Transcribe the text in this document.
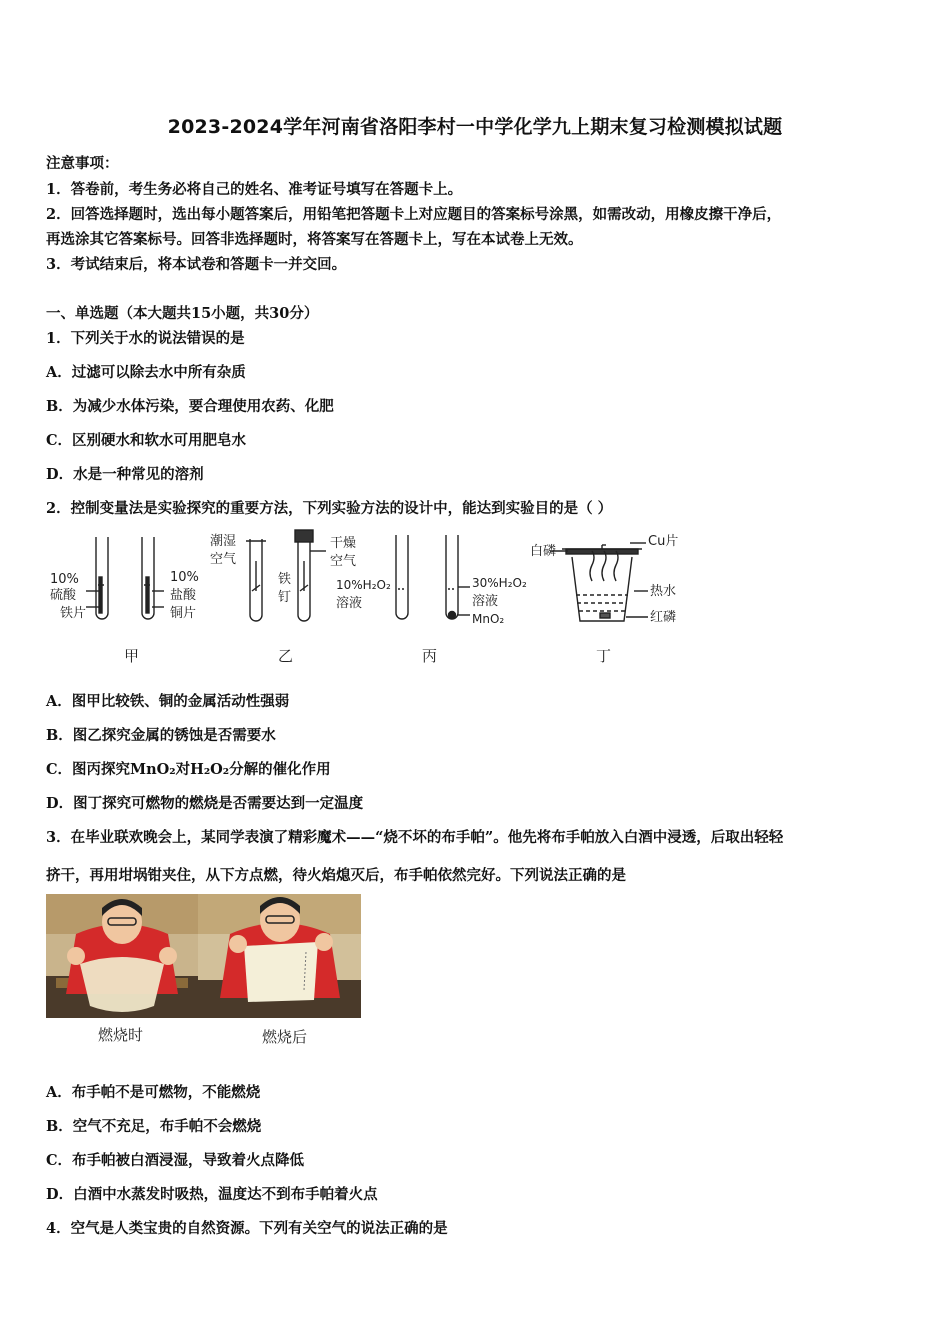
2023-2024学年河南省洛阳李村一中学化学九上期末复习检测模拟试题
注意事项：
1．答卷前，考生务必将自己的姓名、准考证号填写在答题卡上。
2．回答选择题时，选出每小题答案后，用铅笔把答题卡上对应题目的答案标号涂黑，如需改动，用橡皮擦干净后，
再选涂其它答案标号。回答非选择题时，将答案写在答题卡上，写在本试卷上无效。
3．考试结束后，将本试卷和答题卡一并交回。
一、单选题（本大题共15小题，共30分）
1．下列关于水的说法错误的是
A．过滤可以除去水中所有杂质
B．为减少水体污染，要合理使用农药、化肥
C．区别硬水和软水可用肥皂水
D．水是一种常见的溶剂
2．控制变量法是实验探究的重要方法，下列实验方法的设计中，能达到实验目的是（ ）
10%
硫酸
铁片
10%
盐酸
铜片
甲
潮湿
空气
铁
钉
干燥
空气
乙
10%H₂O₂
溶液
30%H₂O₂
溶液
MnO₂
丙
白磷
Cu片
热水
红磷
丁
A．图甲比较铁、铜的金属活动性强弱
B．图乙探究金属的锈蚀是否需要水
C．图丙探究MnO₂对H₂O₂分解的催化作用
D．图丁探究可燃物的燃烧是否需要达到一定温度
3．在毕业联欢晚会上，某同学表演了精彩魔术——“烧不坏的布手帕”。他先将布手帕放入白酒中浸透，后取出轻轻
挤干，再用坩埚钳夹住，从下方点燃，待火焰熄灭后，布手帕依然完好。下列说法正确的是
燃烧时	燃烧后
A．布手帕不是可燃物，不能燃烧
B．空气不充足，布手帕不会燃烧
C．布手帕被白酒浸湿，导致着火点降低
D．白酒中水蒸发时吸热，温度达不到布手帕着火点
4．空气是人类宝贵的自然资源。下列有关空气的说法正确的是
